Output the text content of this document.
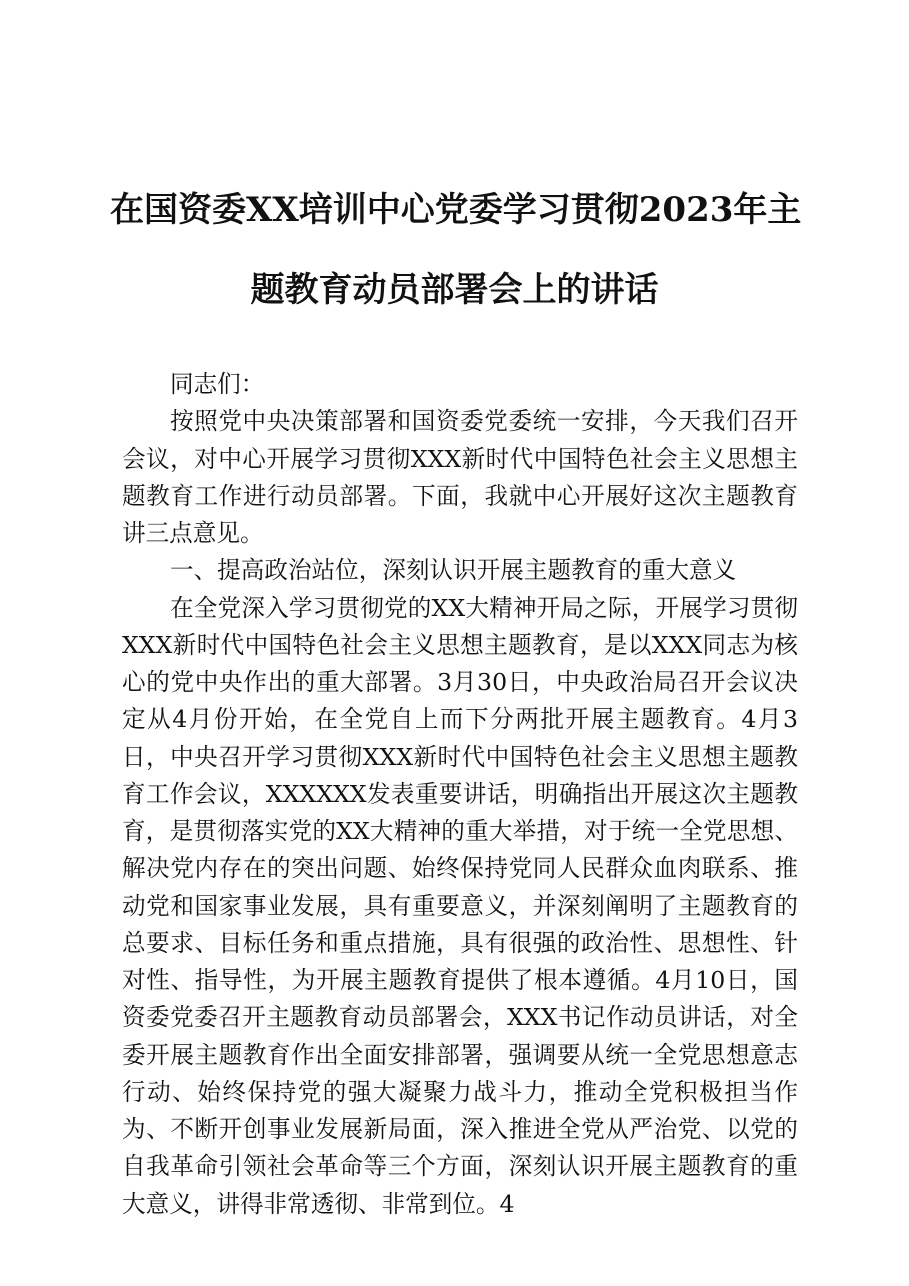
在国资委XX培训中心党委学习贯彻2023年主
题教育动员部署会上的讲话

同志们：

按照党中央决策部署和国资委党委统一安排，今天我们召开会议，对中心开展学习贯彻XXX新时代中国特色社会主义思想主题教育工作进行动员部署。下面，我就中心开展好这次主题教育讲三点意见。

一、提高政治站位，深刻认识开展主题教育的重大意义

在全党深入学习贯彻党的XX大精神开局之际，开展学习贯彻XXX新时代中国特色社会主义思想主题教育，是以XXX同志为核心的党中央作出的重大部署。3月30日，中央政治局召开会议决定从4月份开始，在全党自上而下分两批开展主题教育。4月3日，中央召开学习贯彻XXX新时代中国特色社会主义思想主题教育工作会议，XXXXXX发表重要讲话，明确指出开展这次主题教育，是贯彻落实党的XX大精神的重大举措，对于统一全党思想、解决党内存在的突出问题、始终保持党同人民群众血肉联系、推动党和国家事业发展，具有重要意义，并深刻阐明了主题教育的总要求、目标任务和重点措施，具有很强的政治性、思想性、针对性、指导性，为开展主题教育提供了根本遵循。4月10日，国资委党委召开主题教育动员部署会，XXX书记作动员讲话，对全委开展主题教育作出全面安排部署，强调要从统一全党思想意志行动、始终保持党的强大凝聚力战斗力，推动全党积极担当作为、不断开创事业发展新局面，深入推进全党从严治党、以党的自我革命引领社会革命等三个方面，深刻认识开展主题教育的重大意义，讲得非常透彻、非常到位。4
